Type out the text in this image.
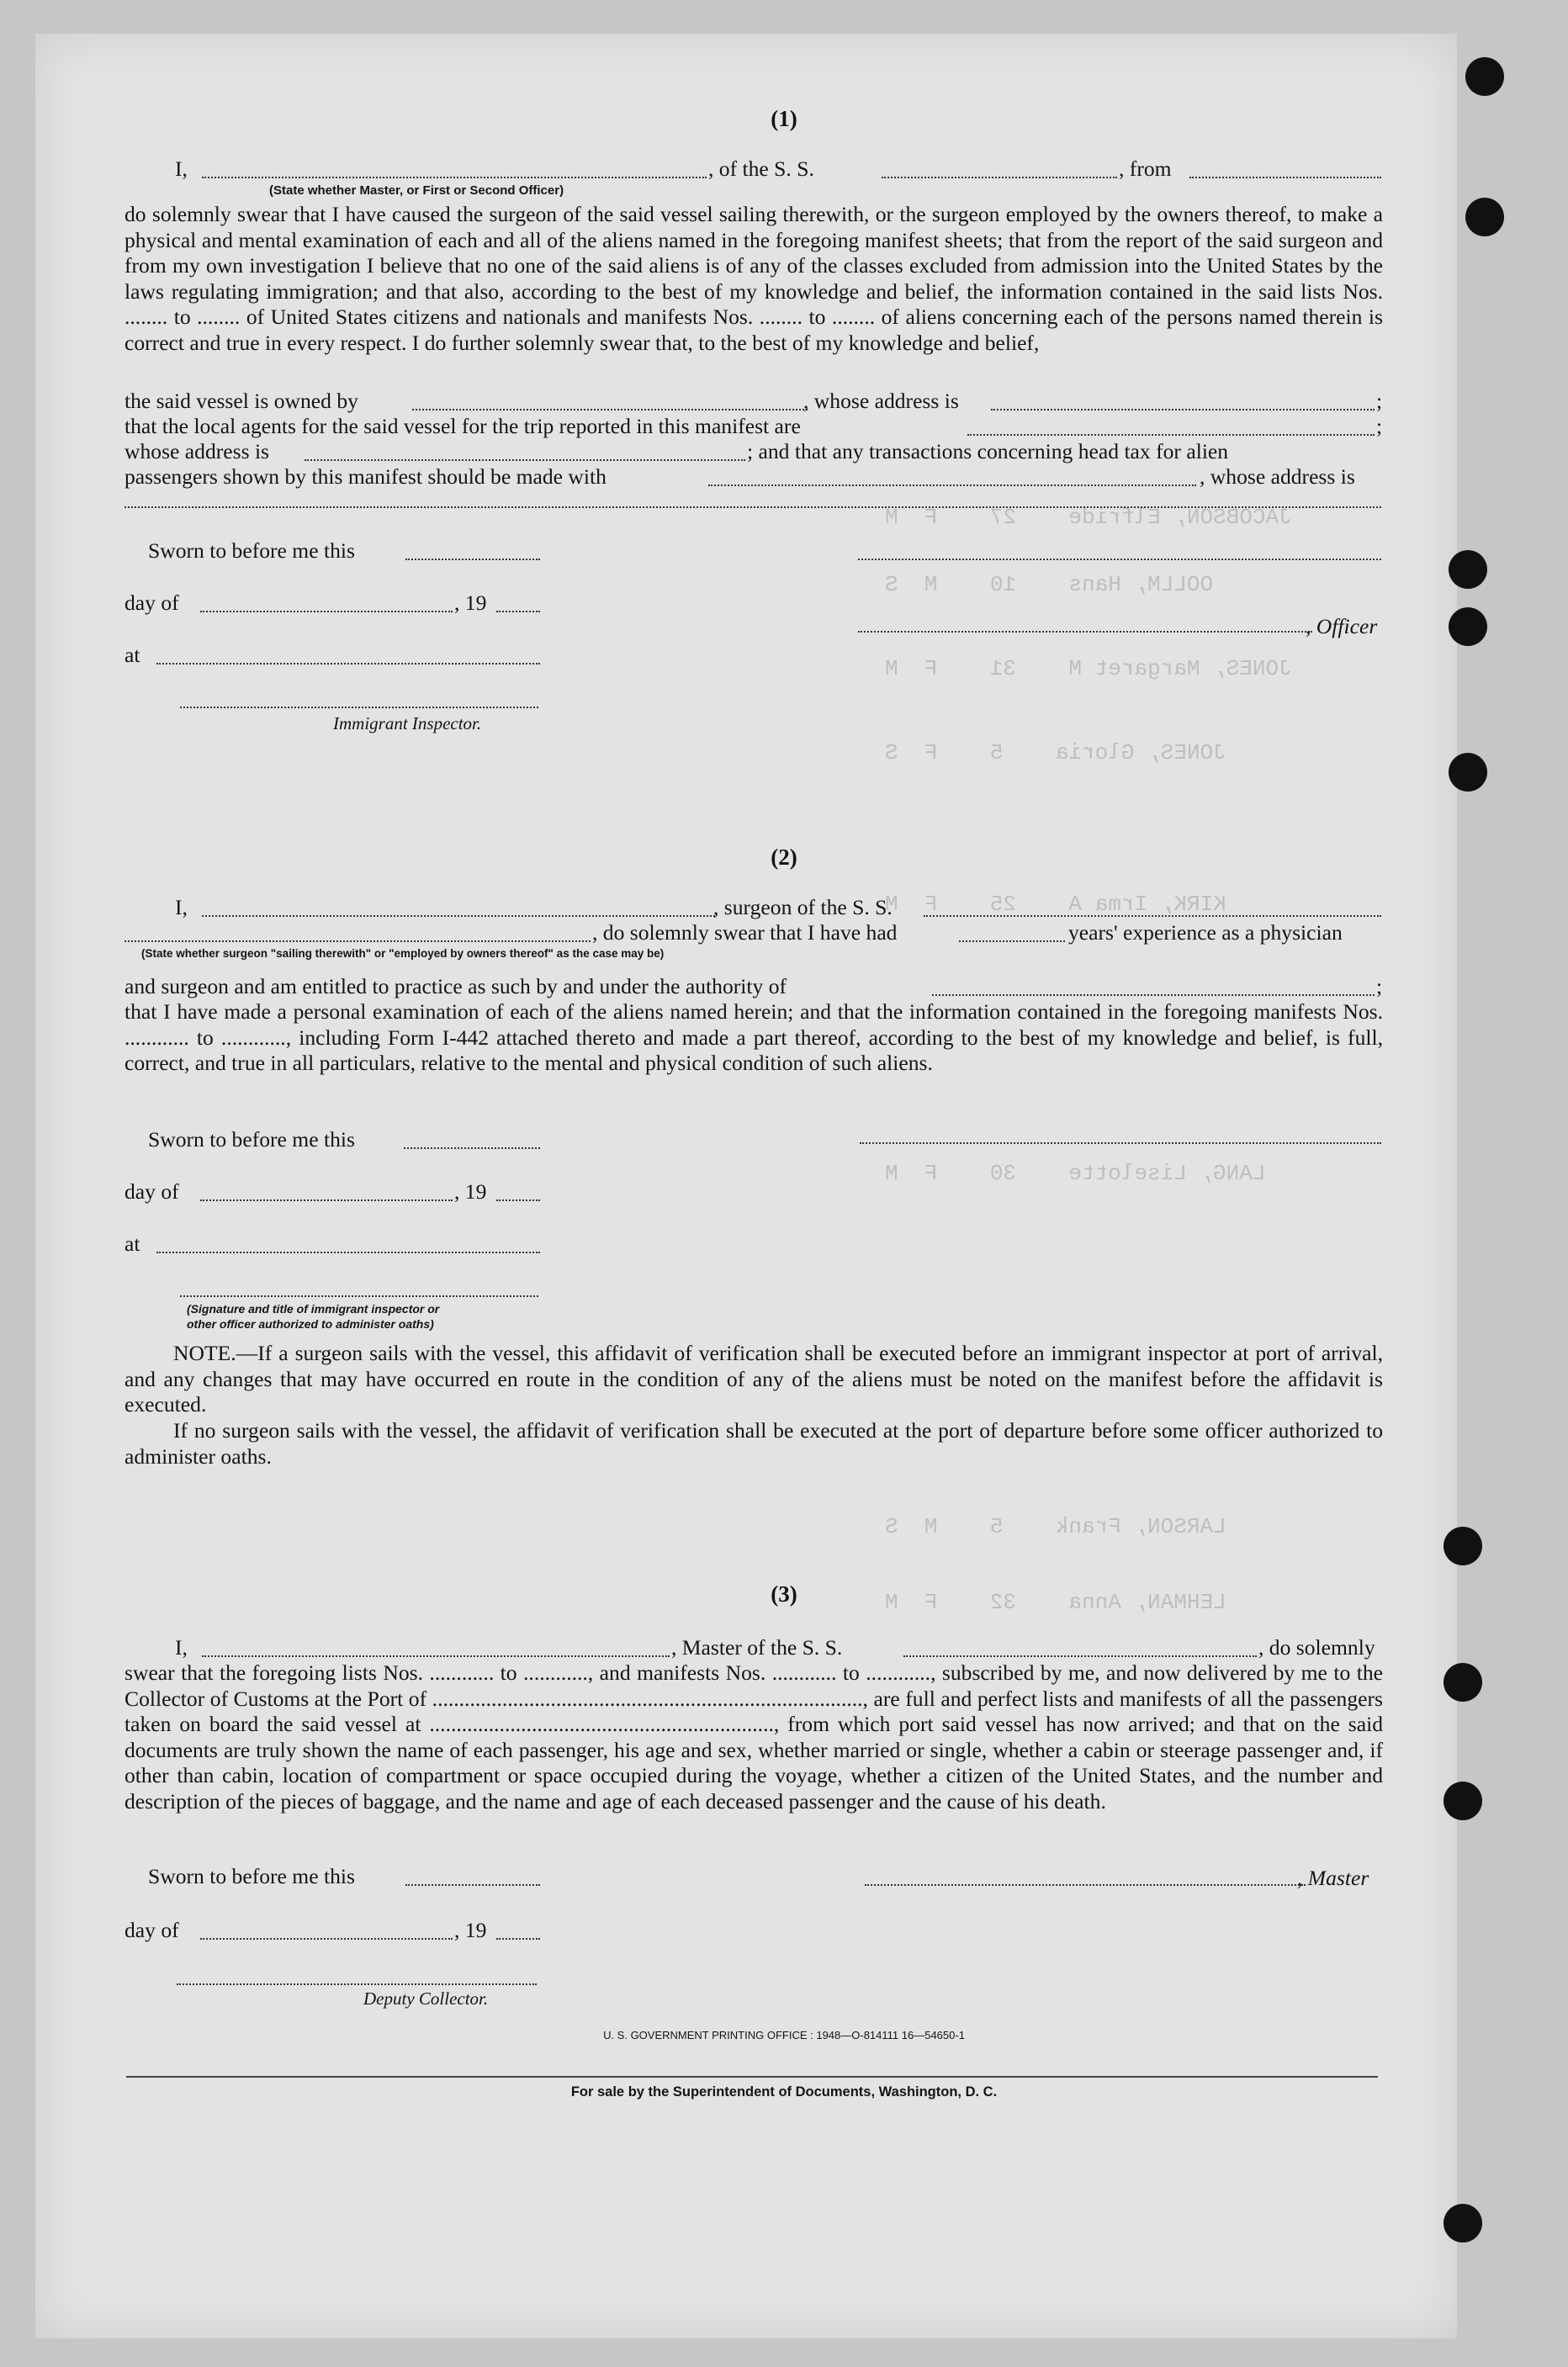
JACOBSON, Elfride    27    F  M
OOLLM, Hans    10    M  S
JONES, Margaret M    31    F  M
JONES, Gloria    5    F  S
KIRK, Irma A    25    F  M
LANG, Liselotte    30    F  M
LARSON, Frank    5    M  S
LEHMAN, Anna    32    F  M
(1)
I,	, of the S. S.	, from
(State whether Master, or First or Second Officer)
do solemnly swear that I have caused the surgeon of the said vessel sailing therewith, or the surgeon employed by the owners thereof, to make a physical and mental examination of each and all of the aliens named in the foregoing manifest sheets; that from the report of the said surgeon and from my own investigation I believe that no one of the said aliens is of any of the classes excluded from admission into the United States by the laws regulating immigration; and that also, according to the best of my knowledge and belief, the information contained in the said lists Nos. ........ to ........ of United States citizens and nationals and manifests Nos. ........ to ........ of aliens concerning each of the persons named therein is correct and true in every respect. I do further solemnly swear that, to the best of my knowledge and belief,
the said vessel is owned by	, whose address is	;
that the local agents for the said vessel for the trip reported in this manifest are	;
whose address is	; and that any transactions concerning head tax for alien
passengers shown by this manifest should be made with	, whose address is
Sworn to before me this
day of	, 19
, Officer
at
Immigrant Inspector.
(2)
I,	, surgeon of the S. S.
, do solemnly swear that I have had	years' experience as a physician
(State whether surgeon "sailing therewith" or "employed by owners thereof" as the case may be)
and surgeon and am entitled to practice as such by and under the authority of	;
that I have made a personal examination of each of the aliens named herein; and that the information contained in the foregoing manifests Nos. ............ to ............, including Form I-442 attached thereto and made a part thereof, according to the best of my knowledge and belief, is full, correct, and true in all particulars, relative to the mental and physical condition of such aliens.
Sworn to before me this
day of	, 19
at
(Signature and title of immigrant inspector or
other officer authorized to administer oaths)
NOTE.—If a surgeon sails with the vessel, this affidavit of verification shall be executed before an immigrant inspector at port of arrival, and any changes that may have occurred en route in the condition of any of the aliens must be noted on the manifest before the affidavit is executed.
If no surgeon sails with the vessel, the affidavit of verification shall be executed at the port of departure before some officer authorized to administer oaths.
(3)
I,	, Master of the S. S.	, do solemnly
swear that the foregoing lists Nos. ............ to ............, and manifests Nos. ............ to ............, subscribed by me, and now delivered by me to the Collector of Customs at the Port of ................................................................................, are full and perfect lists and manifests of all the passengers taken on board the said vessel at ................................................................, from which port said vessel has now arrived; and that on the said documents are truly shown the name of each passenger, his age and sex, whether married or single, whether a cabin or steerage passenger and, if other than cabin, location of compartment or space occupied during the voyage, whether a citizen of the United States, and the number and description of the pieces of baggage, and the name and age of each deceased passenger and the cause of his death.
Sworn to before me this	, Master
day of	, 19
Deputy Collector.
U. S. GOVERNMENT PRINTING OFFICE : 1948—O-814111 16—54650-1
For sale by the Superintendent of Documents, Washington, D. C.
